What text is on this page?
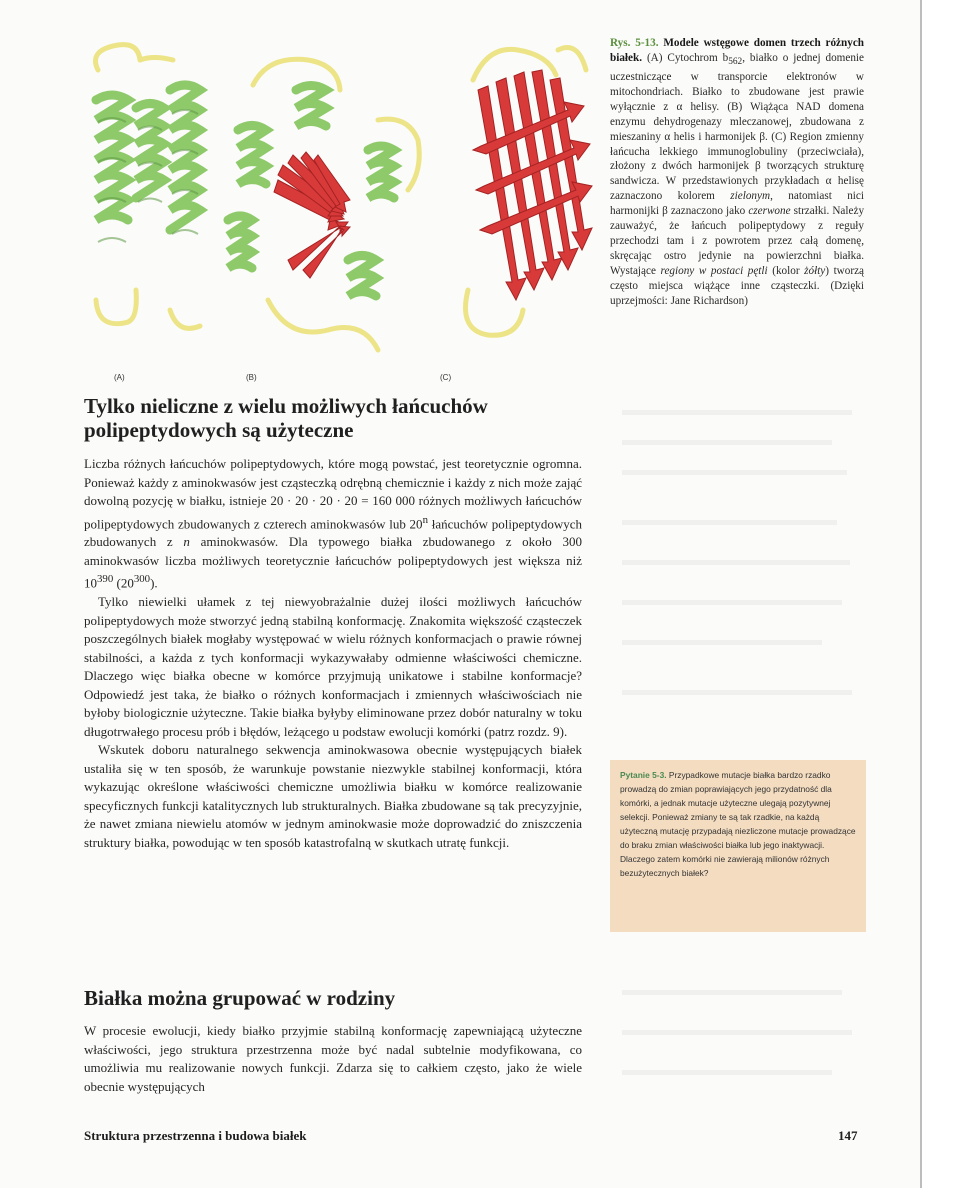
(A)	(B)	(C)
Rys. 5-13. Modele wstęgowe domen trzech różnych białek. (A) Cytochrom $b_{562}$, białko o jednej domenie uczestniczące w transporcie elektronów w mitochondriach. Białko to zbudowane jest prawie wyłącznie z α helisy. (B) Wiążąca NAD domena enzymu dehydrogenazy mleczanowej, zbudowana z mieszaniny α helis i harmonijek β. (C) Region zmienny łańcucha lekkiego immunoglobuliny (przeciwciała), złożony z dwóch harmonijek β tworzących strukturę sandwicza. W przedstawionych przykładach α helisę zaznaczono kolorem zielonym, natomiast nici harmonijki β zaznaczono jako czerwone strzałki. Należy zauważyć, że łańcuch polipeptydowy z reguły przechodzi tam i z powrotem przez całą domenę, skręcając ostro jedynie na powierzchni białka. Wystające regiony w postaci pętli (kolor żółty) tworzą często miejsca wiążące inne cząsteczki. (Dzięki uprzejmości: Jane Richardson)
Tylko nieliczne z wielu możliwych łańcuchów
polipeptydowych są użyteczne

Liczba różnych łańcuchów polipeptydowych, które mogą powstać, jest teoretycznie ogromna. Ponieważ każdy z aminokwasów jest cząsteczką odrębną chemicznie i każdy z nich może zająć dowolną pozycję w białku, istnieje 20 · 20 · 20 · 20 = 160 000 różnych możliwych łańcuchów polipeptydowych zbudowanych z czterech aminokwasów lub 20$^n$ łańcuchów polipeptydowych zbudowanych z n aminokwasów. Dla typowego białka zbudowanego z około 300 aminokwasów liczba możliwych teoretycznie łańcuchów polipeptydowych jest większa niż $10^{390}$ $(20^{300})$.

Tylko niewielki ułamek z tej niewyobrażalnie dużej ilości możliwych łańcuchów polipeptydowych może stworzyć jedną stabilną konformację. Znakomita większość cząsteczek poszczególnych białek mogłaby występować w wielu różnych konformacjach o prawie równej stabilności, a każda z tych konformacji wykazywałaby odmienne właściwości chemiczne. Dlaczego więc białka obecne w komórce przyjmują unikatowe i stabilne konformacje? Odpowiedź jest taka, że białko o różnych konformacjach i zmiennych właściwościach nie byłoby biologicznie użyteczne. Takie białka byłyby eliminowane przez dobór naturalny w toku długotrwałego procesu prób i błędów, leżącego u podstaw ewolucji komórki (patrz rozdz. 9).

Wskutek doboru naturalnego sekwencja aminokwasowa obecnie występujących białek ustaliła się w ten sposób, że warunkuje powstanie niezwykle stabilnej konformacji, która wykazując określone właściwości chemiczne umożliwia białku w komórce realizowanie specyficznych funkcji katalitycznych lub strukturalnych. Białka zbudowane są tak precyzyjnie, że nawet zmiana niewielu atomów w jednym aminokwasie może doprowadzić do zniszczenia struktury białka, powodując w ten sposób katastrofalną w skutkach utratę funkcji.

Pytanie 5-3. Przypadkowe mutacje białka bardzo rzadko prowadzą do zmian poprawiających jego przydatność dla komórki, a jednak mutacje użyteczne ulegają pozytywnej selekcji. Ponieważ zmiany te są tak rzadkie, na każdą użyteczną mutację przypadają niezliczone mutacje prowadzące do braku zmian właściwości białka lub jego inaktywacji. Dlaczego zatem komórki nie zawierają milionów różnych bezużytecznych białek?
Białka można grupować w rodziny

W procesie ewolucji, kiedy białko przyjmie stabilną konformację zapewniającą użyteczne właściwości, jego struktura przestrzenna może być nadal subtelnie modyfikowana, co umożliwia mu realizowanie nowych funkcji. Zdarza się to całkiem często, jako że wiele obecnie występujących

Struktura przestrzenna i budowa białek	147
